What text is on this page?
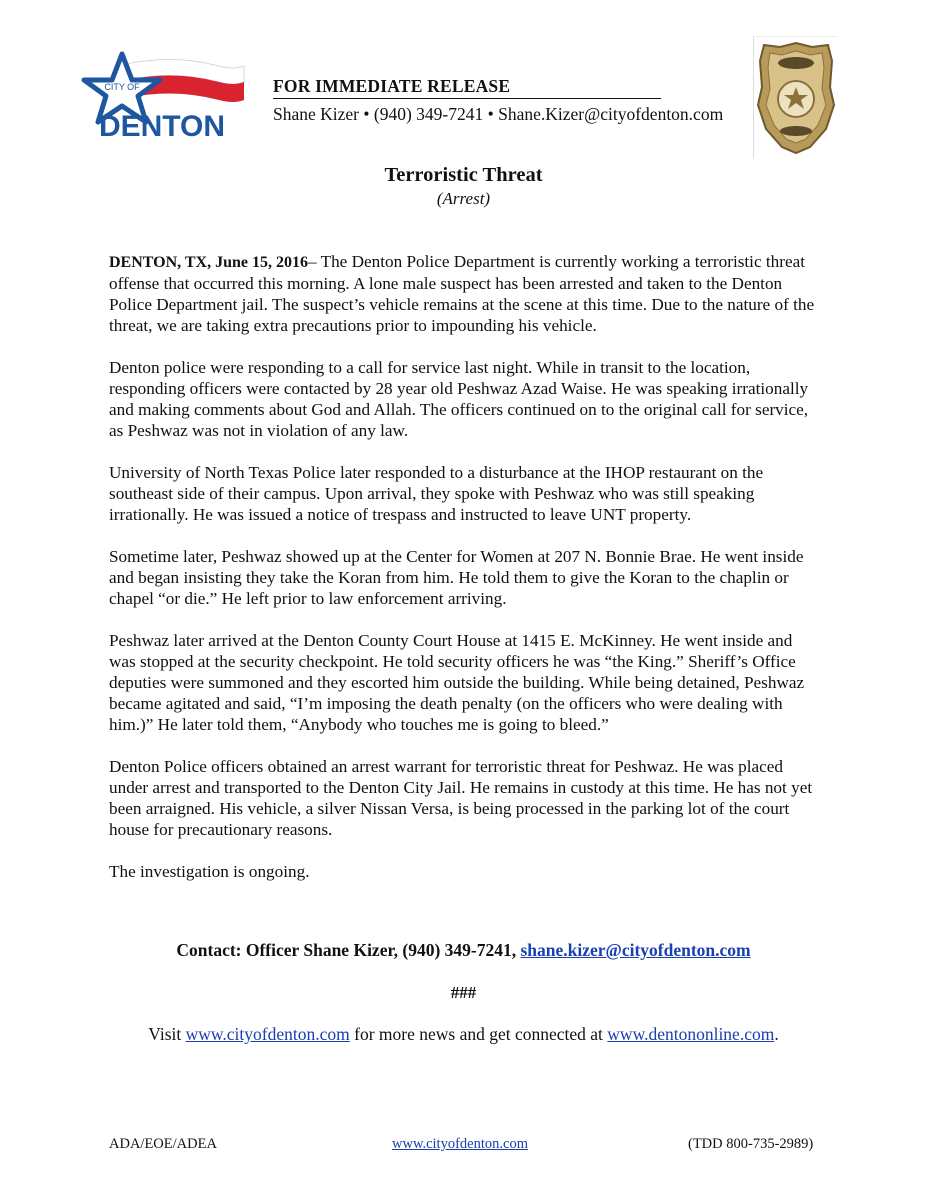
CITY OF
DENTON
FOR IMMEDIATE RELEASE
Shane Kizer • (940) 349-7241 • Shane.Kizer@cityofdenton.com
Terroristic Threat
(Arrest)

DENTON, TX, June 15, 2016– The Denton Police Department is currently working a terroristic threat offense that occurred this morning. A lone male suspect has been arrested and taken to the Denton Police Department jail. The suspect’s vehicle remains at the scene at this time. Due to the nature of the threat, we are taking extra precautions prior to impounding his vehicle.

Denton police were responding to a call for service last night. While in transit to the location, responding officers were contacted by 28 year old Peshwaz Azad Waise. He was speaking irrationally and making comments about God and Allah. The officers continued on to the original call for service, as Peshwaz was not in violation of any law.

University of North Texas Police later responded to a disturbance at the IHOP restaurant on the southeast side of their campus. Upon arrival, they spoke with Peshwaz who was still speaking irrationally. He was issued a notice of trespass and instructed to leave UNT property.

Sometime later, Peshwaz showed up at the Center for Women at 207 N. Bonnie Brae. He went inside and began insisting they take the Koran from him. He told them to give the Koran to the chaplin or chapel “or die.” He left prior to law enforcement arriving.

Peshwaz later arrived at the Denton County Court House at 1415 E. McKinney. He went inside and was stopped at the security checkpoint. He told security officers he was “the King.” Sheriff’s Office deputies were summoned and they escorted him outside the building. While being detained, Peshwaz became agitated and said, “I’m imposing the death penalty (on the officers who were dealing with him.)” He later told them, “Anybody who touches me is going to bleed.”

Denton Police officers obtained an arrest warrant for terroristic threat for Peshwaz. He was placed under arrest and transported to the Denton City Jail. He remains in custody at this time. He has not yet been arraigned. His vehicle, a silver Nissan Versa, is being processed in the parking lot of the court house for precautionary reasons.

The investigation is ongoing.

Contact: Officer Shane Kizer, (940) 349-7241, shane.kizer@cityofdenton.com
###
Visit www.cityofdenton.com for more news and get connected at www.dentononline.com.
ADA/EOE/ADEA	www.cityofdenton.com	(TDD 800-735-2989)
